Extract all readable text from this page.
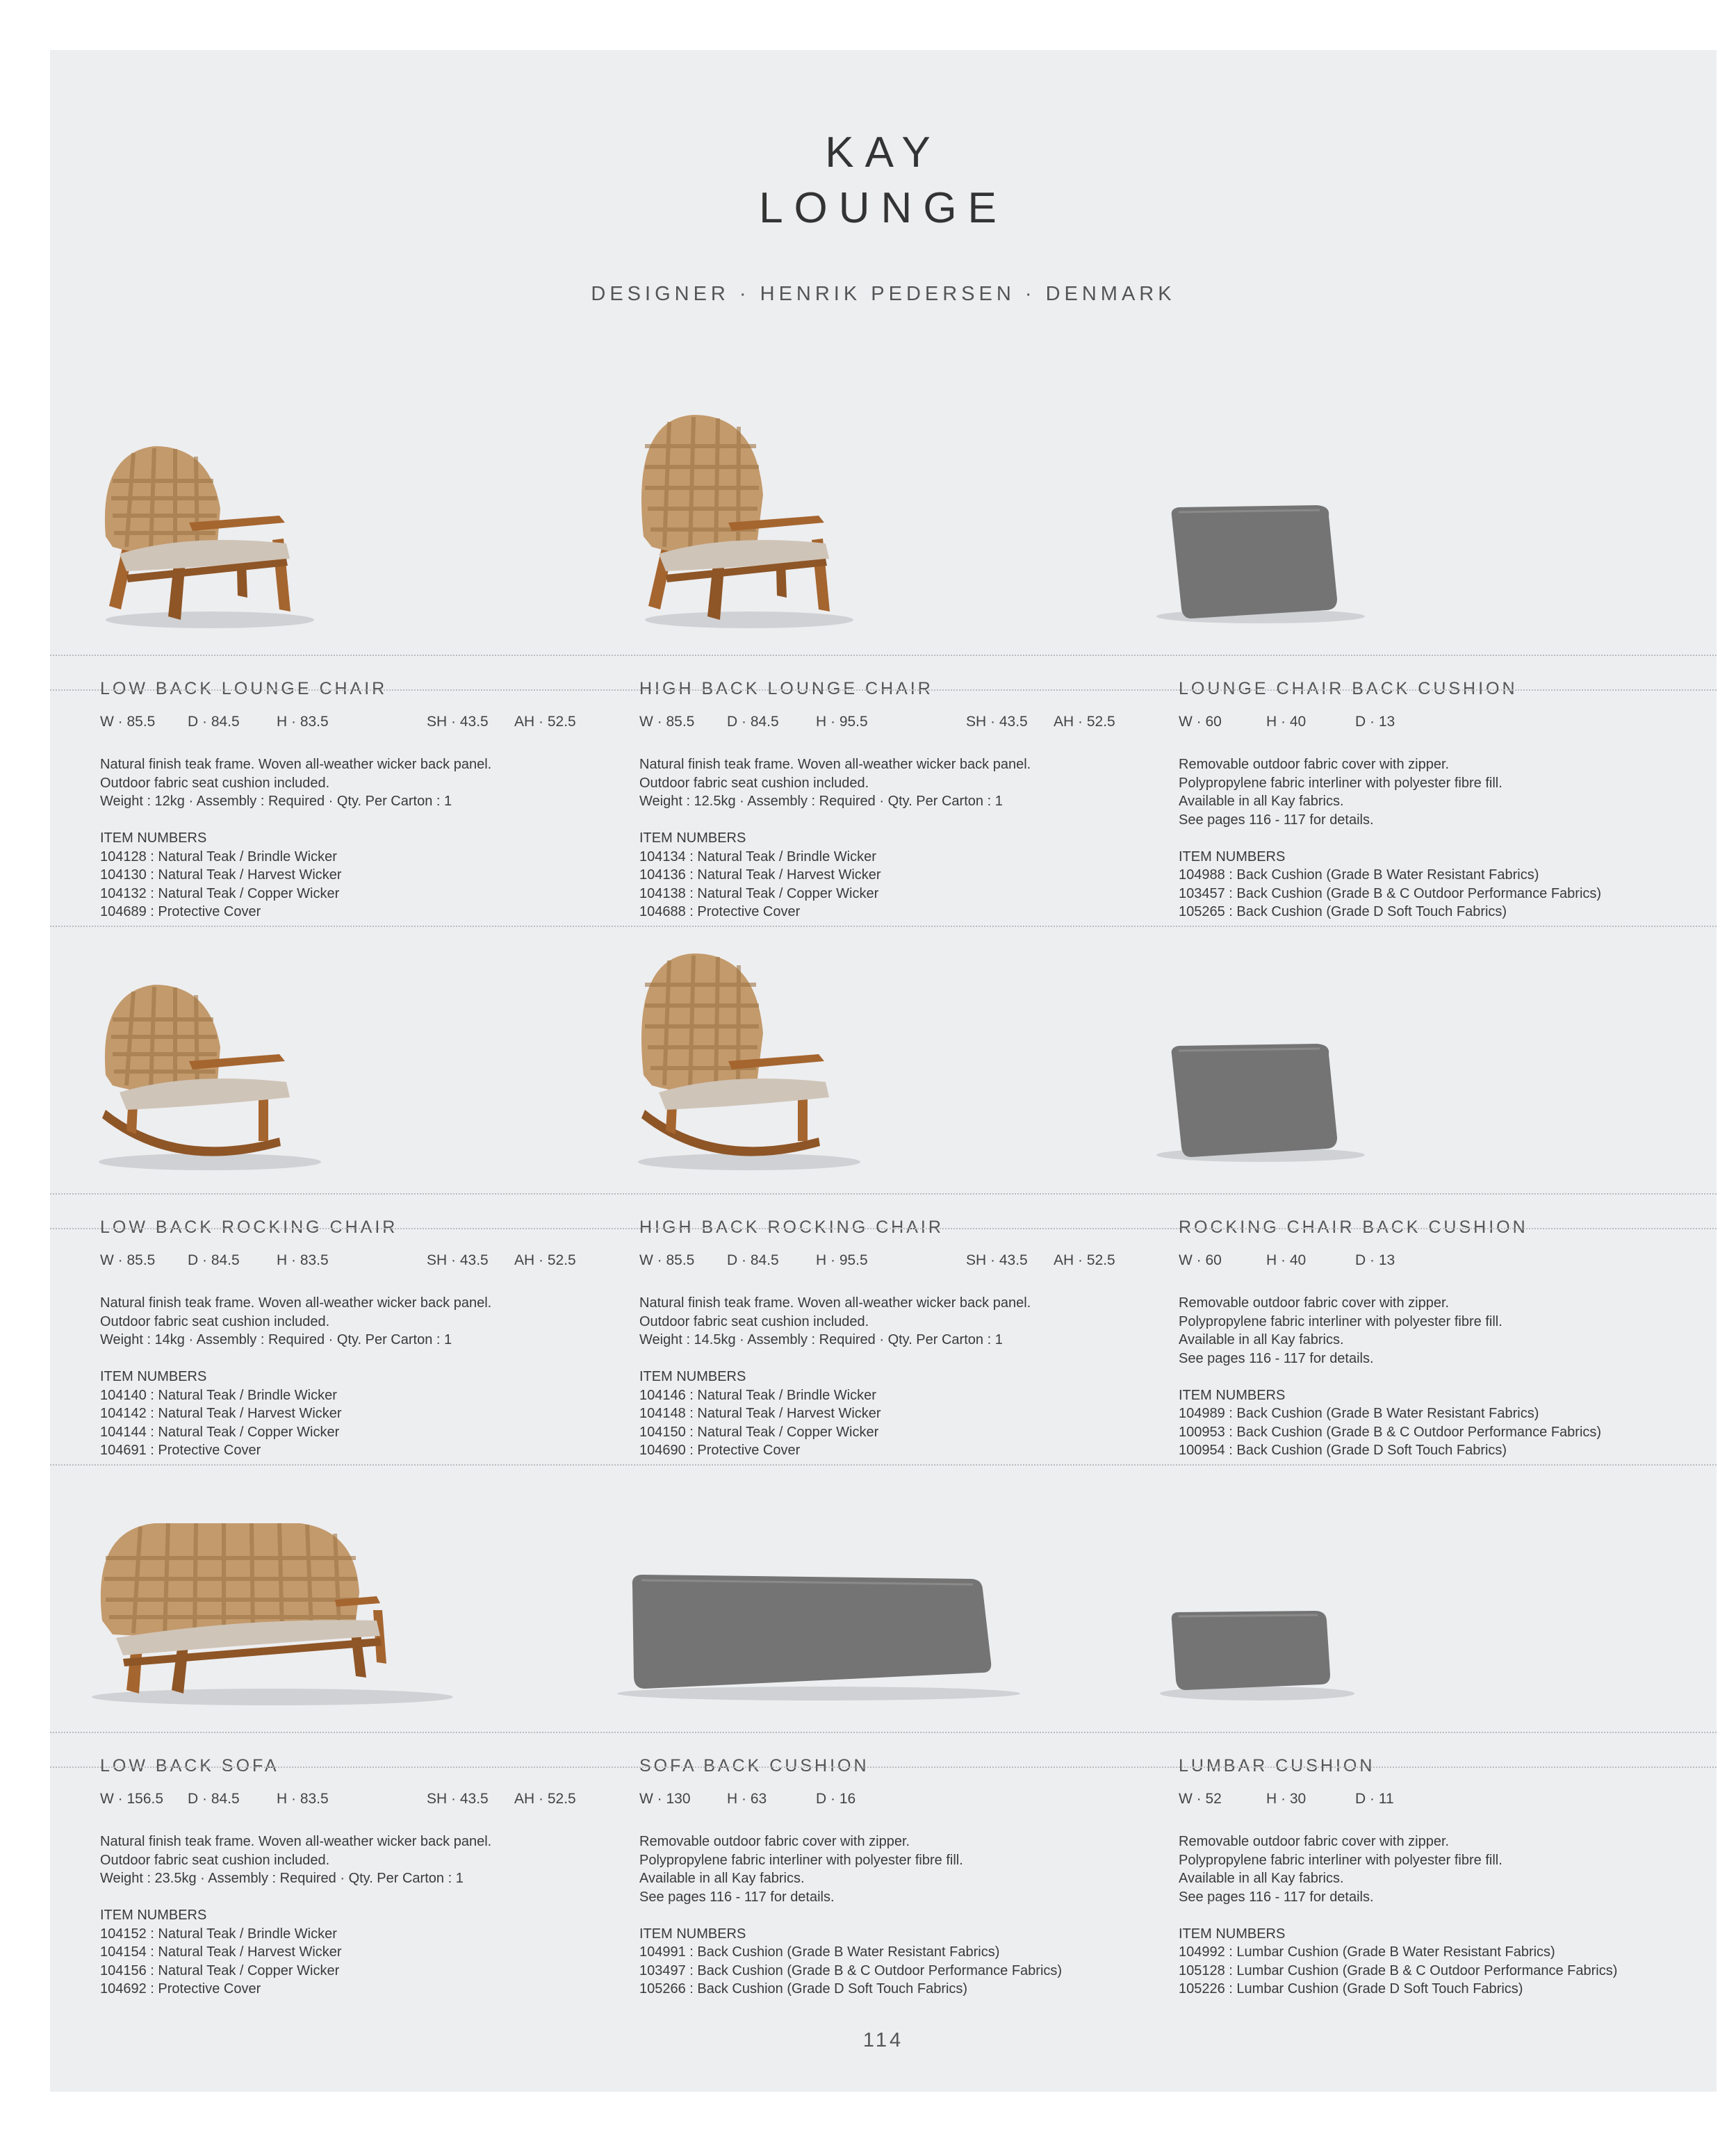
KAY
LOUNGE
DESIGNER · HENRIK PEDERSEN · DENMARK
LOW BACK LOUNGE CHAIR
W · 85.5 D · 84.5	H · 83.5	SH · 43.5 AH · 52.5

Natural finish teak frame. Woven all-weather wicker back panel.

Outdoor fabric seat cushion included.

Weight : 12kg · Assembly : Required · Qty. Per Carton : 1

ITEM NUMBERS

104128 : Natural Teak / Brindle Wicker

104130 : Natural Teak / Harvest Wicker

104132 : Natural Teak / Copper Wicker

104689 : Protective Cover

HIGH BACK LOUNGE CHAIR
W · 85.5 D · 84.5	H · 95.5	SH · 43.5 AH · 52.5

Natural finish teak frame. Woven all-weather wicker back panel.

Outdoor fabric seat cushion included.

Weight : 12.5kg · Assembly : Required · Qty. Per Carton : 1

ITEM NUMBERS

104134 : Natural Teak / Brindle Wicker

104136 : Natural Teak / Harvest Wicker

104138 : Natural Teak / Copper Wicker

104688 : Protective Cover

LOUNGE CHAIR BACK CUSHION
W · 60	H · 40	D · 13

Removable outdoor fabric cover with zipper.

Polypropylene fabric interliner with polyester fibre fill.

Available in all Kay fabrics.

See pages 116 - 117 for details.

ITEM NUMBERS

104988 : Back Cushion (Grade B Water Resistant Fabrics)

103457 : Back Cushion (Grade B & C Outdoor Performance Fabrics)

105265 : Back Cushion (Grade D Soft Touch Fabrics)

LOW BACK ROCKING CHAIR
W · 85.5 D · 84.5	H · 83.5	SH · 43.5 AH · 52.5

Natural finish teak frame. Woven all-weather wicker back panel.

Outdoor fabric seat cushion included.

Weight : 14kg · Assembly : Required · Qty. Per Carton : 1

ITEM NUMBERS

104140 : Natural Teak / Brindle Wicker

104142 : Natural Teak / Harvest Wicker

104144 : Natural Teak / Copper Wicker

104691 : Protective Cover

HIGH BACK ROCKING CHAIR
W · 85.5 D · 84.5	H · 95.5	SH · 43.5 AH · 52.5

Natural finish teak frame. Woven all-weather wicker back panel.

Outdoor fabric seat cushion included.

Weight : 14.5kg · Assembly : Required · Qty. Per Carton : 1

ITEM NUMBERS

104146 : Natural Teak / Brindle Wicker

104148 : Natural Teak / Harvest Wicker

104150 : Natural Teak / Copper Wicker

104690 : Protective Cover

ROCKING CHAIR BACK CUSHION
W · 60	H · 40	D · 13

Removable outdoor fabric cover with zipper.

Polypropylene fabric interliner with polyester fibre fill.

Available in all Kay fabrics.

See pages 116 - 117 for details.

ITEM NUMBERS

104989 : Back Cushion (Grade B Water Resistant Fabrics)

100953 : Back Cushion (Grade B & C Outdoor Performance Fabrics)

100954 : Back Cushion (Grade D Soft Touch Fabrics)

LOW BACK SOFA
W · 156.5 D · 84.5	H · 83.5	SH · 43.5 AH · 52.5

Natural finish teak frame. Woven all-weather wicker back panel.

Outdoor fabric seat cushion included.

Weight : 23.5kg · Assembly : Required · Qty. Per Carton : 1

ITEM NUMBERS

104152 : Natural Teak / Brindle Wicker

104154 : Natural Teak / Harvest Wicker

104156 : Natural Teak / Copper Wicker

104692 : Protective Cover

SOFA BACK CUSHION
W · 130 H · 63	D · 16

Removable outdoor fabric cover with zipper.

Polypropylene fabric interliner with polyester fibre fill.

Available in all Kay fabrics.

See pages 116 - 117 for details.

ITEM NUMBERS

104991 : Back Cushion (Grade B Water Resistant Fabrics)

103497 : Back Cushion (Grade B & C Outdoor Performance Fabrics)

105266 : Back Cushion (Grade D Soft Touch Fabrics)

LUMBAR CUSHION
W · 52	H · 30	D · 11

Removable outdoor fabric cover with zipper.

Polypropylene fabric interliner with polyester fibre fill.

Available in all Kay fabrics.

See pages 116 - 117 for details.

ITEM NUMBERS

104992 : Lumbar Cushion (Grade B Water Resistant Fabrics)

105128 : Lumbar Cushion (Grade B & C Outdoor Performance Fabrics)

105226 : Lumbar Cushion (Grade D Soft Touch Fabrics)

114
